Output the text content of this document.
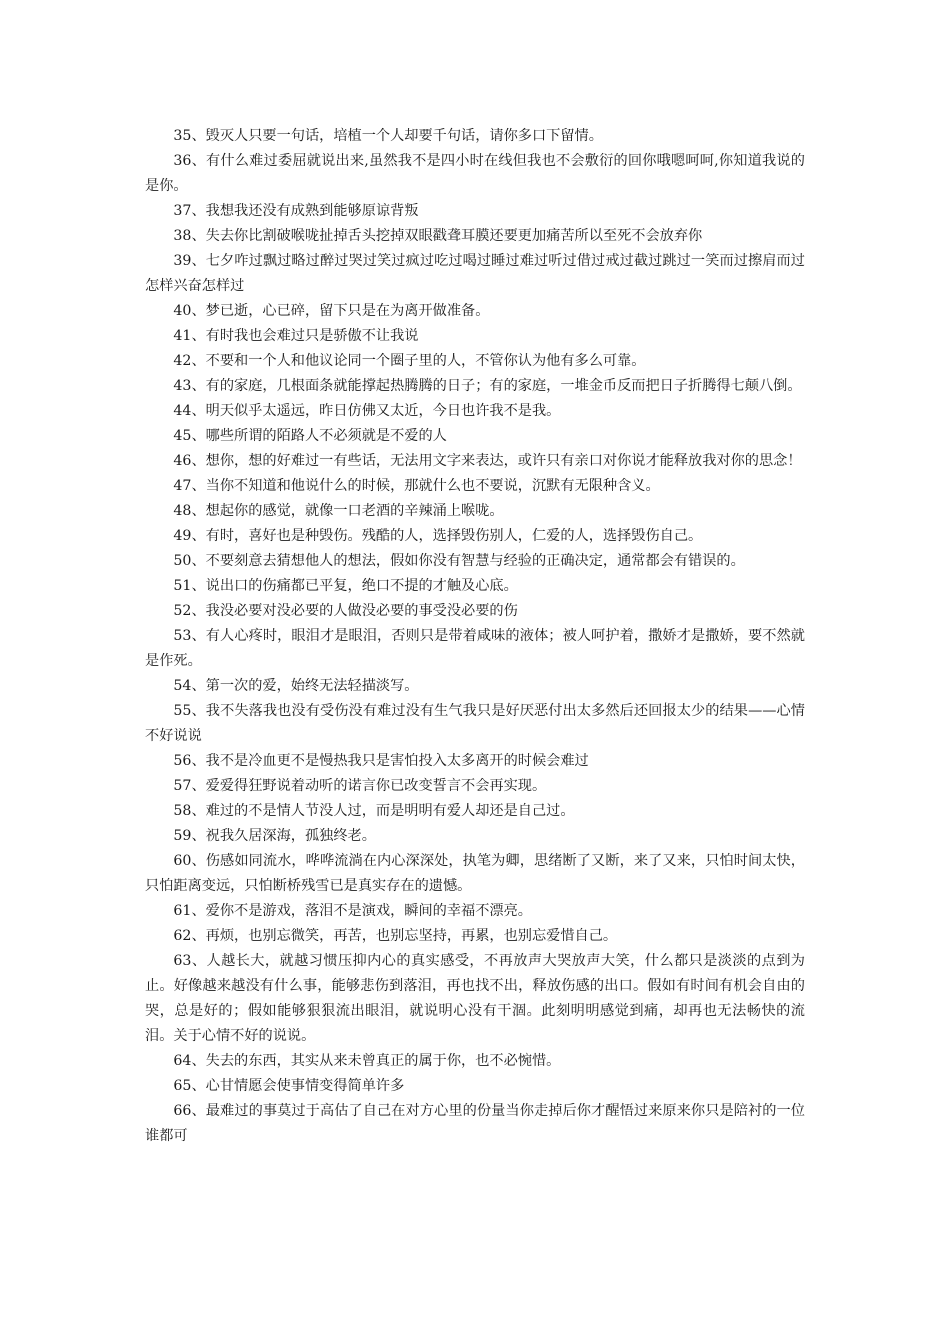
35、毁灭人只要一句话，培植一个人却要千句话，请你多口下留情。

36、有什么难过委屈就说出来,虽然我不是四小时在线但我也不会敷衍的回你哦嗯呵呵,你知道我说的是你。

37、我想我还没有成熟到能够原谅背叛

38、失去你比割破喉咙扯掉舌头挖掉双眼戳聋耳膜还要更加痛苦所以至死不会放弃你

39、七夕咋过飘过略过醉过哭过笑过疯过吃过喝过睡过难过听过借过戒过截过跳过一笑而过擦肩而过怎样兴奋怎样过

40、梦已逝，心已碎，留下只是在为离开做准备。

41、有时我也会难过只是骄傲不让我说

42、不要和一个人和他议论同一个圈子里的人，不管你认为他有多么可靠。

43、有的家庭，几根面条就能撑起热腾腾的日子；有的家庭，一堆金币反而把日子折腾得七颠八倒。

44、明天似乎太遥远，昨日仿佛又太近，今日也许我不是我。

45、哪些所谓的陌路人不必须就是不爱的人

46、想你，想的好难过一有些话，无法用文字来表达，或许只有亲口对你说才能释放我对你的思念！

47、当你不知道和他说什么的时候，那就什么也不要说，沉默有无限种含义。

48、想起你的感觉，就像一口老酒的辛辣涌上喉咙。

49、有时，喜好也是种毁伤。残酷的人，选择毁伤别人，仁爱的人，选择毁伤自己。

50、不要刻意去猜想他人的想法，假如你没有智慧与经验的正确决定，通常都会有错误的。

51、说出口的伤痛都已平复，绝口不提的才触及心底。

52、我没必要对没必要的人做没必要的事受没必要的伤

53、有人心疼时，眼泪才是眼泪，否则只是带着咸味的液体；被人呵护着，撒娇才是撒娇，要不然就是作死。

54、第一次的爱，始终无法轻描淡写。

55、我不失落我也没有受伤没有难过没有生气我只是好厌恶付出太多然后还回报太少的结果——心情不好说说

56、我不是冷血更不是慢热我只是害怕投入太多离开的时候会难过

57、爱爱得狂野说着动听的诺言你已改变誓言不会再实现。

58、难过的不是情人节没人过，而是明明有爱人却还是自己过。

59、祝我久居深海，孤独终老。

60、伤感如同流水，哗哗流淌在内心深深处，执笔为卿，思绪断了又断，来了又来，只怕时间太快，只怕距离变远，只怕断桥残雪已是真实存在的遗憾。

61、爱你不是游戏，落泪不是演戏，瞬间的幸福不漂亮。

62、再烦，也别忘微笑，再苦，也别忘坚持，再累，也别忘爱惜自己。

63、人越长大，就越习惯压抑内心的真实感受，不再放声大哭放声大笑，什么都只是淡淡的点到为止。好像越来越没有什么事，能够悲伤到落泪，再也找不出，释放伤感的出口。假如有时间有机会自由的哭，总是好的；假如能够狠狠流出眼泪，就说明心没有干涸。此刻明明感觉到痛，却再也无法畅快的流泪。关于心情不好的说说。

64、失去的东西，其实从来未曾真正的属于你，也不必惋惜。

65、心甘情愿会使事情变得简单许多

66、最难过的事莫过于高估了自己在对方心里的份量当你走掉后你才醒悟过来原来你只是陪衬的一位谁都可
